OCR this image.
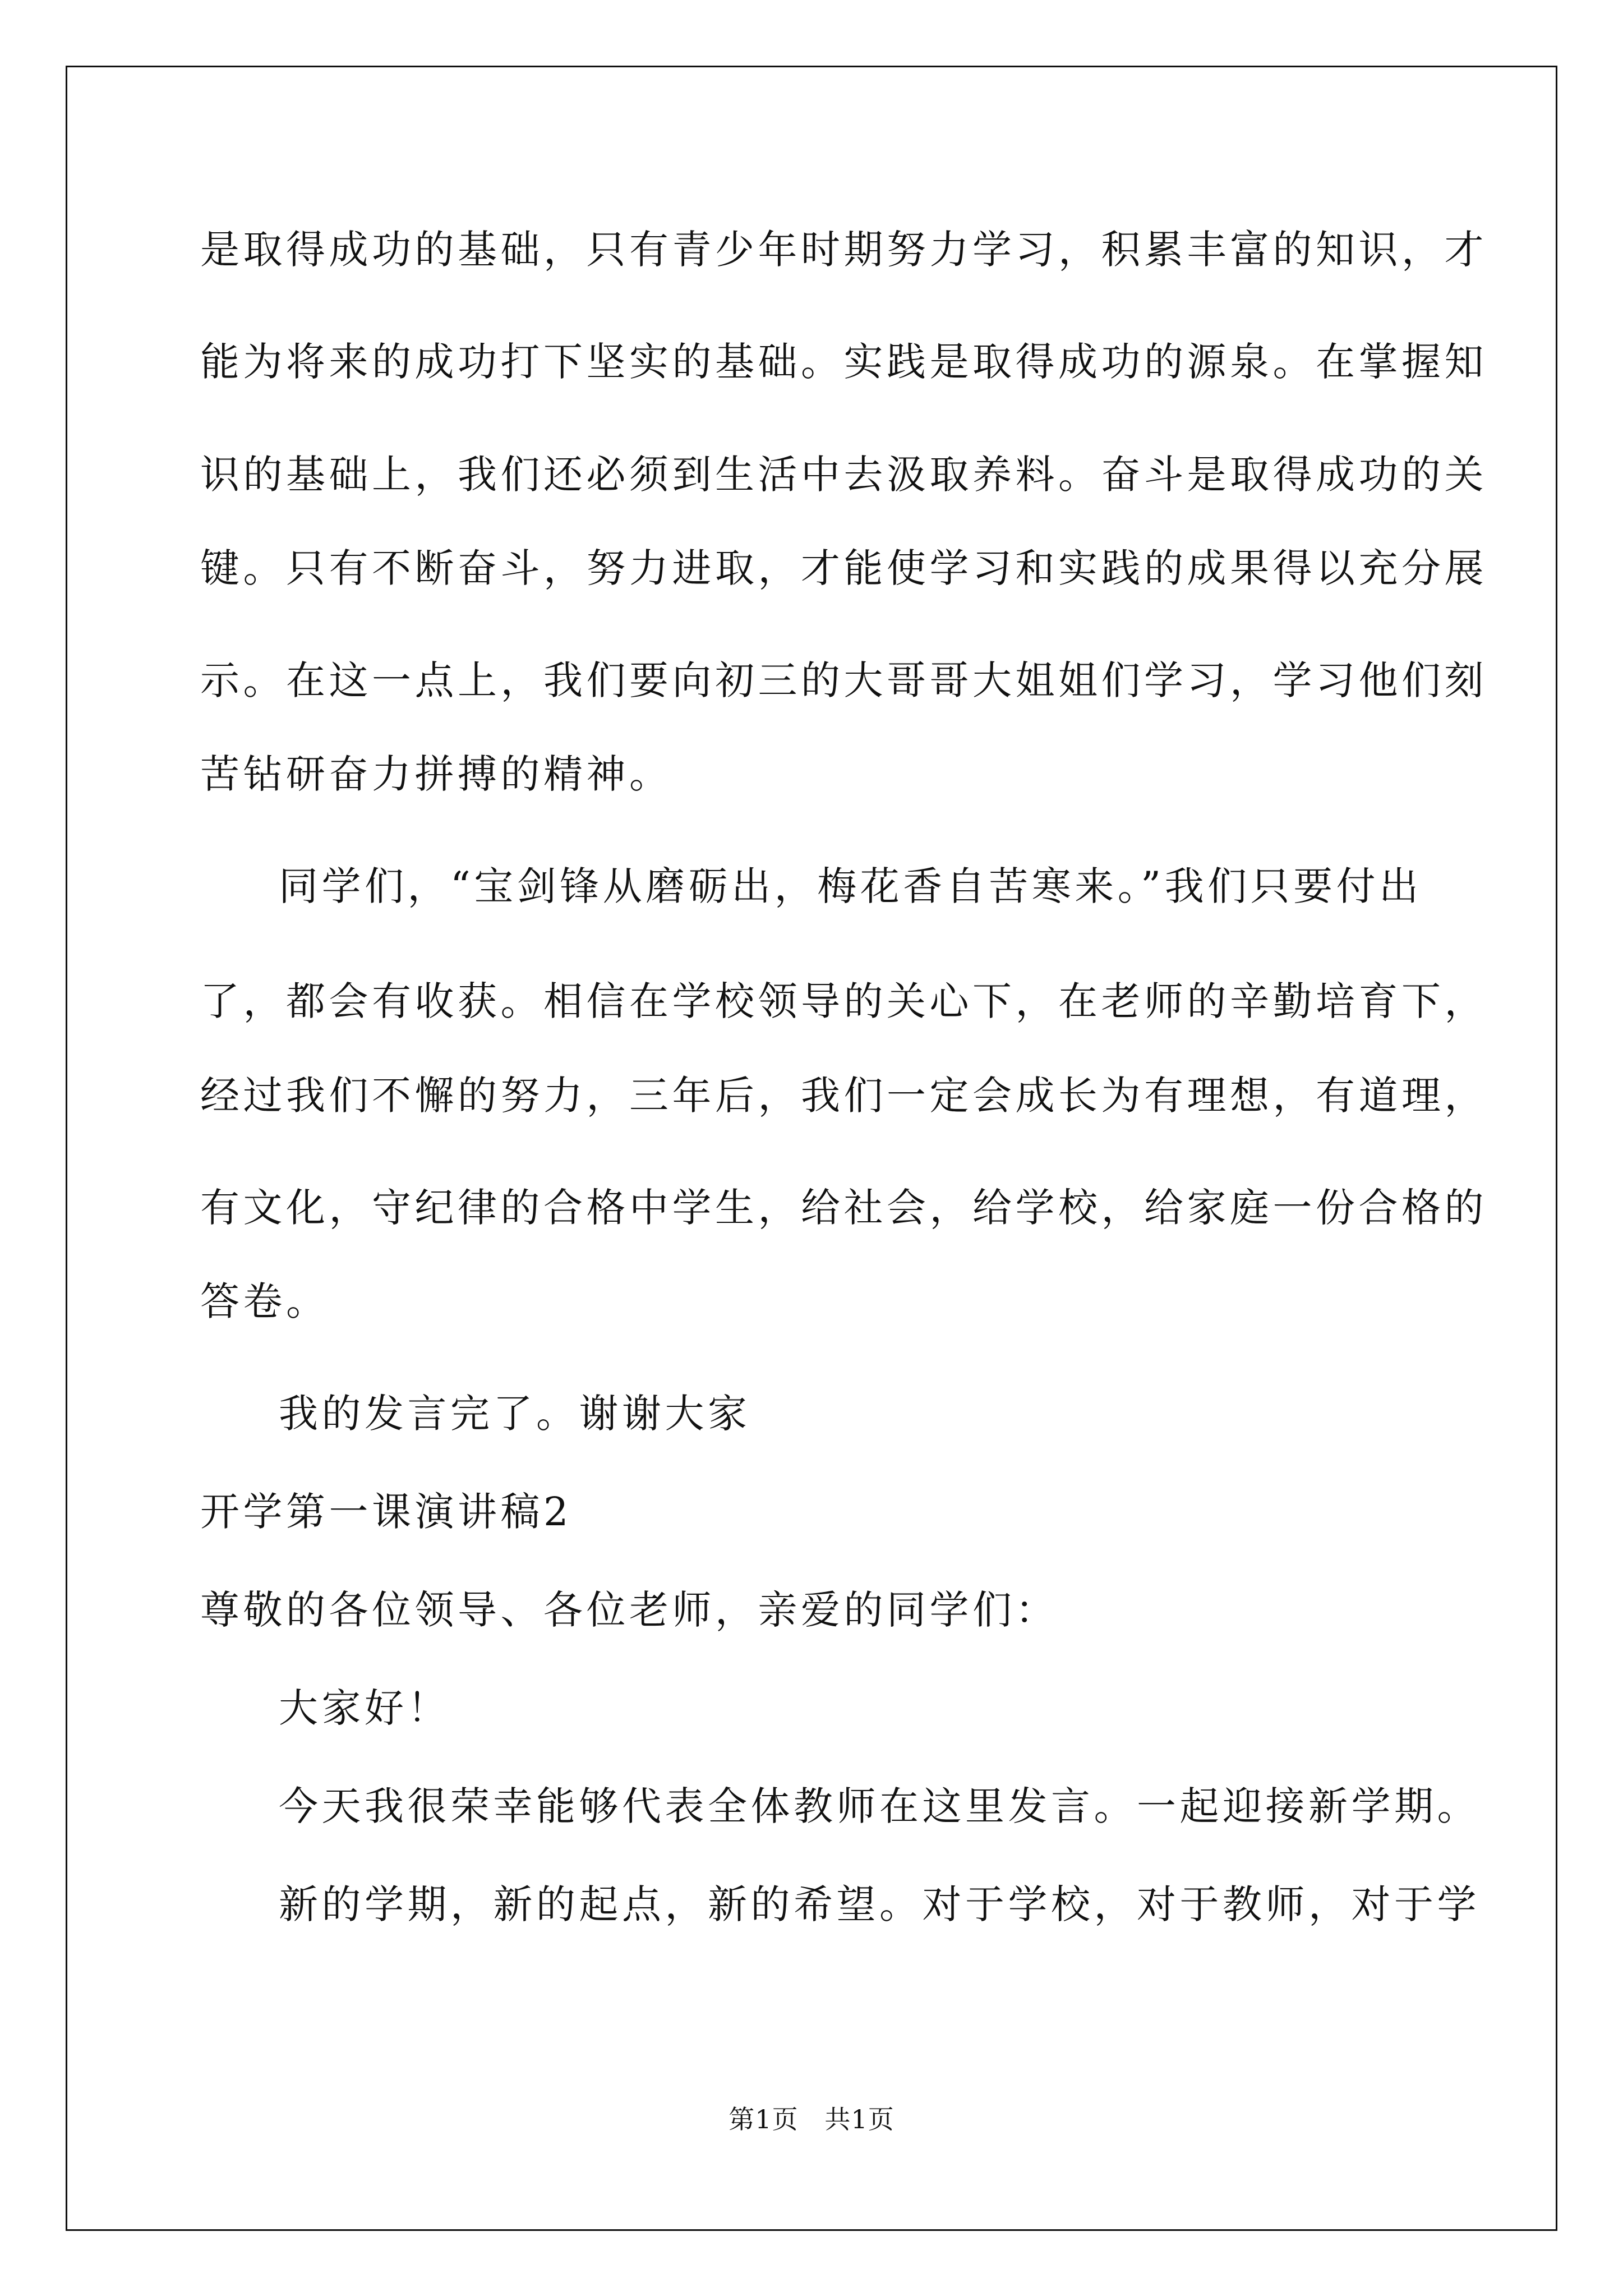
是取得成功的基础，只有青少年时期努力学习，积累丰富的知识，才
能为将来的成功打下坚实的基础。实践是取得成功的源泉。在掌握知
识的基础上，我们还必须到生活中去汲取养料。奋斗是取得成功的关
键。只有不断奋斗，努力进取，才能使学习和实践的成果得以充分展
示。在这一点上，我们要向初三的大哥哥大姐姐们学习，学习他们刻
苦钻研奋力拼搏的精神。
同学们，“宝剑锋从磨砺出，梅花香自苦寒来。”我们只要付出
了，都会有收获。相信在学校领导的关心下，在老师的辛勤培育下，
经过我们不懈的努力，三年后，我们一定会成长为有理想，有道理，
有文化，守纪律的合格中学生，给社会，给学校，给家庭一份合格的
答卷。
我的发言完了。谢谢大家
开学第一课演讲稿2
尊敬的各位领导、各位老师，亲爱的同学们：
大家好！
今天我很荣幸能够代表全体教师在这里发言。一起迎接新学期。
新的学期，新的起点，新的希望。对于学校，对于教师，对于学
第1页   共1页
